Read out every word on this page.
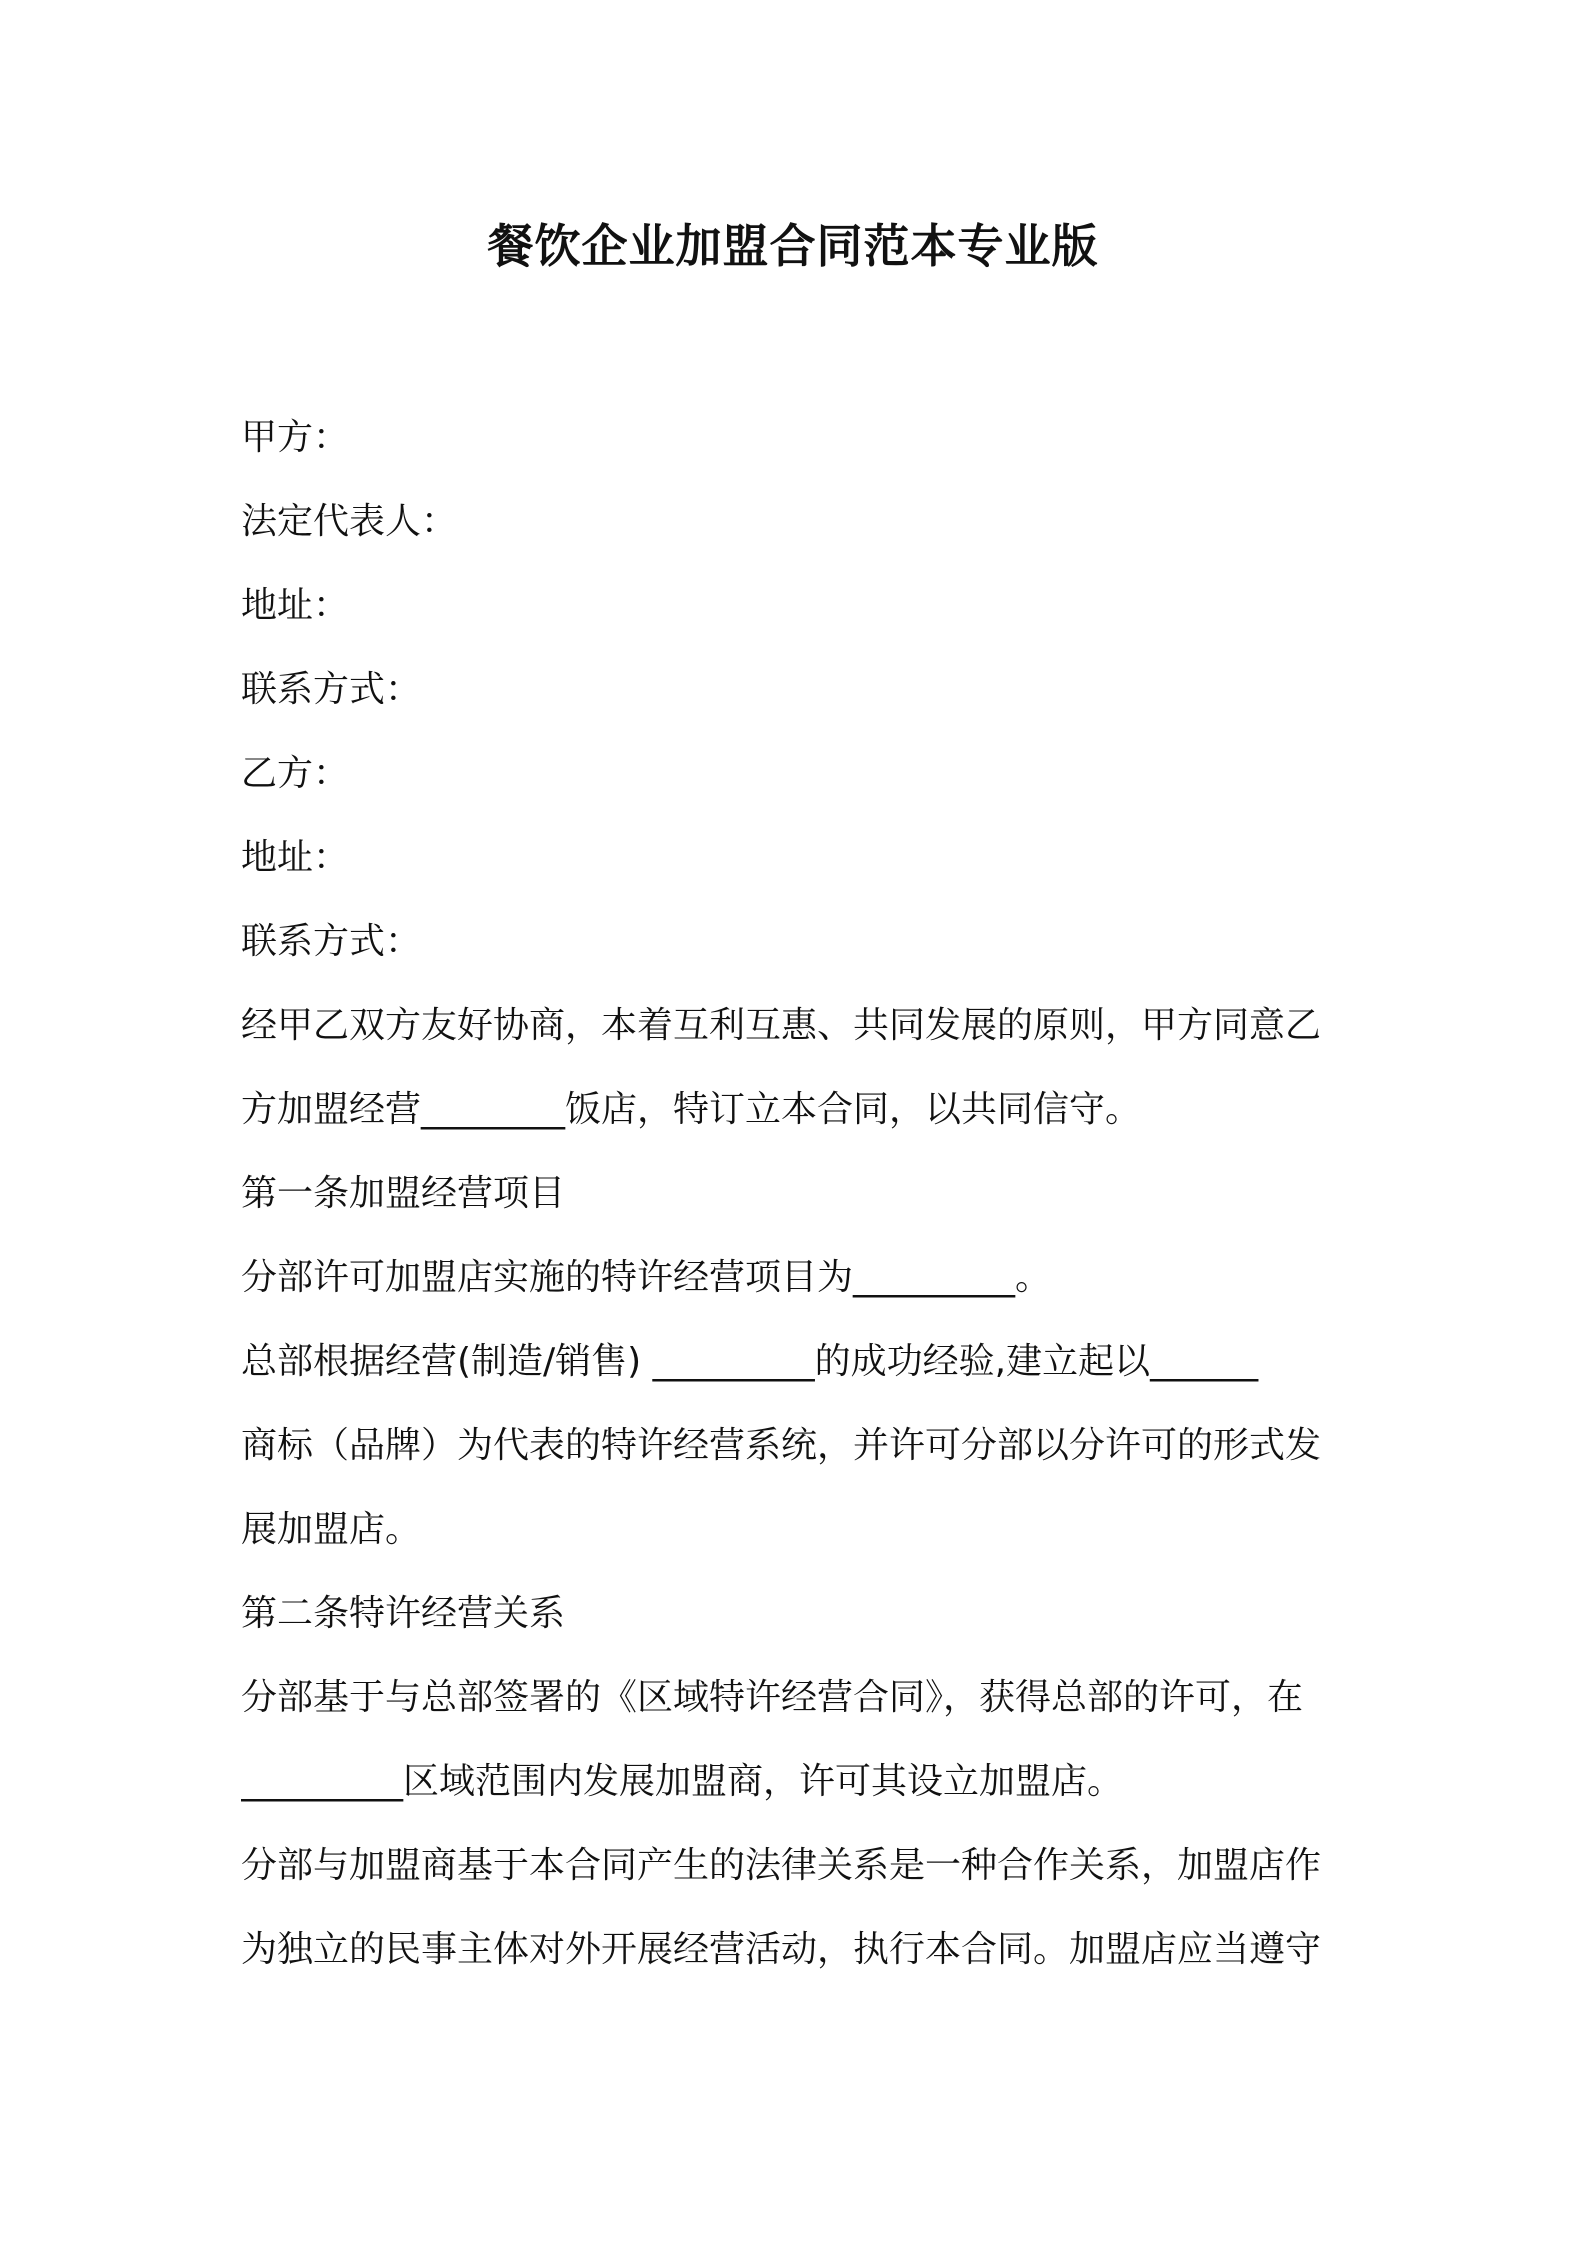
餐饮企业加盟合同范本专业版

甲方：

法定代表人：

地址：

联系方式：

乙方：

地址：

联系方式：

经甲乙双方友好协商，本着互利互惠、共同发展的原则，甲方同意乙

方加盟经营________饭店，特订立本合同，以共同信守。

第一条加盟经营项目

分部许可加盟店实施的特许经营项目为_________。

总部根据经营(制造/销售) _________的成功经验,建立起以______

商标（品牌）为代表的特许经营系统，并许可分部以分许可的形式发

展加盟店。

第二条特许经营关系

分部基于与总部签署的《区域特许经营合同》，获得总部的许可，在

_________区域范围内发展加盟商，许可其设立加盟店。

分部与加盟商基于本合同产生的法律关系是一种合作关系，加盟店作

为独立的民事主体对外开展经营活动，执行本合同。加盟店应当遵守
